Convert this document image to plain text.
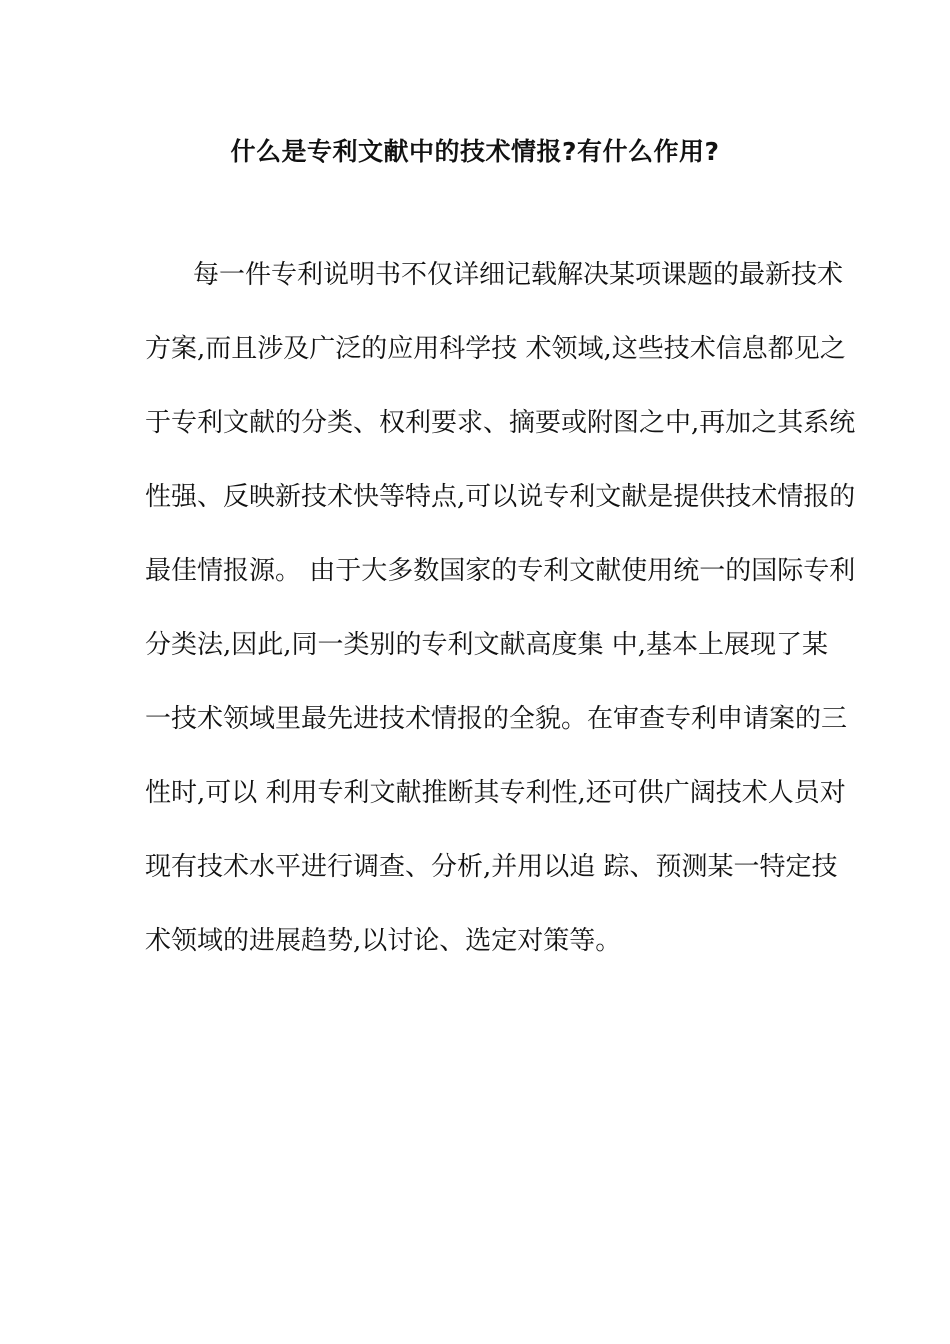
什么是专利文献中的技术情报?有什么作用?
每一件专利说明书不仅详细记载解决某项课题的最新技术
方案,而且涉及广泛的应用科学技 术领域,这些技术信息都见之
于专利文献的分类、权利要求、摘要或附图之中,再加之其系统
性强、反映新技术快等特点,可以说专利文献是提供技术情报的
最佳情报源。 由于大多数国家的专利文献使用统一的国际专利
分类法,因此,同一类别的专利文献高度集 中,基本上展现了某
一技术领域里最先进技术情报的全貌。在审查专利申请案的三
性时,可以 利用专利文献推断其专利性,还可供广阔技术人员对
现有技术水平进行调查、分析,并用以追 踪、预测某一特定技
术领域的进展趋势,以讨论、选定对策等。
